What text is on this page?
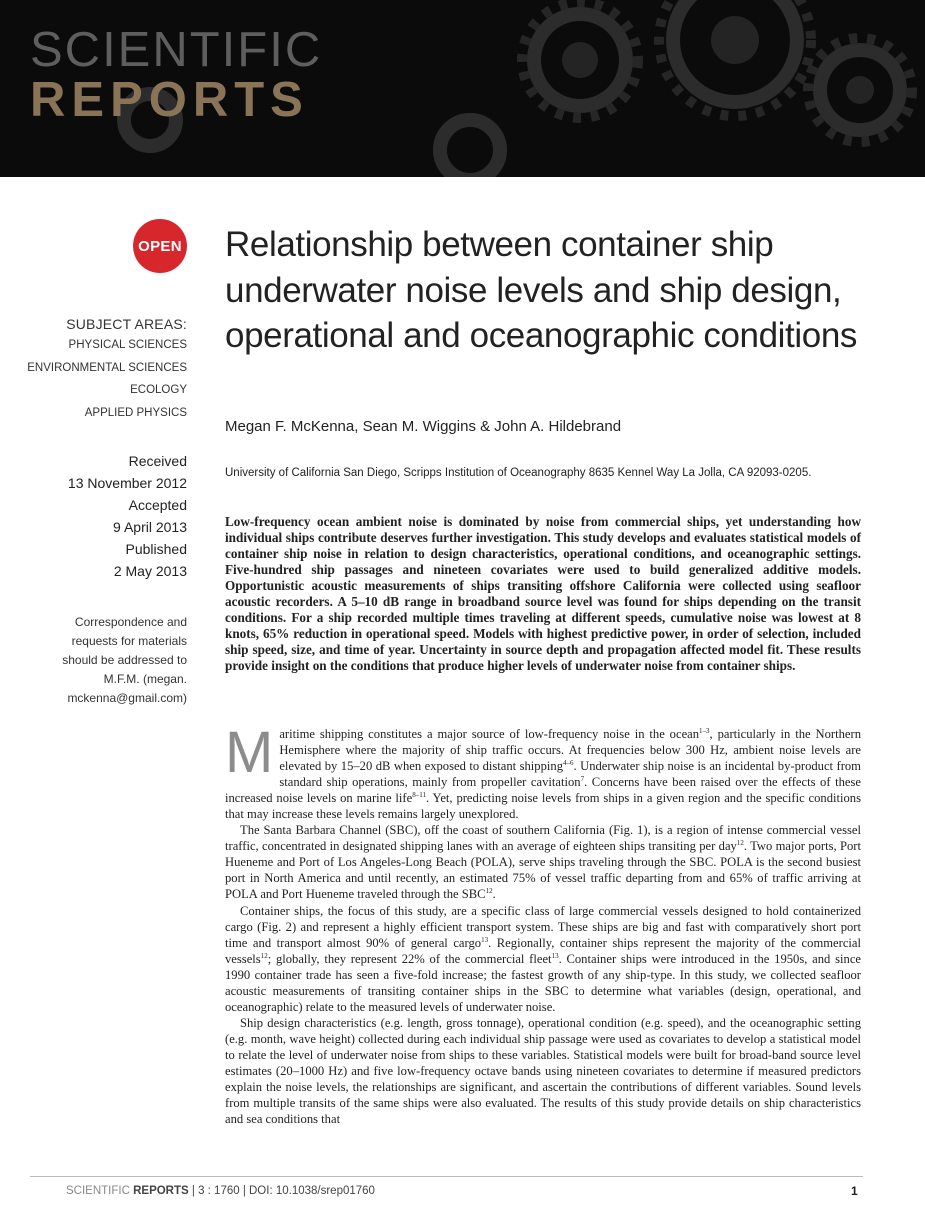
SCIENTIFIC
REPORTS
OPEN
SUBJECT AREAS:
PHYSICAL SCIENCES
ENVIRONMENTAL SCIENCES
ECOLOGY
APPLIED PHYSICS
Received
13 November 2012
Accepted
9 April 2013
Published
2 May 2013
Correspondence and
requests for materials
should be addressed to
M.F.M. (megan.
mckenna@gmail.com)
Relationship between container ship underwater noise levels and ship design, operational and oceanographic conditions
Megan F. McKenna, Sean M. Wiggins & John A. Hildebrand
University of California San Diego, Scripps Institution of Oceanography 8635 Kennel Way La Jolla, CA 92093-0205.
Low-frequency ocean ambient noise is dominated by noise from commercial ships, yet understanding how individual ships contribute deserves further investigation. This study develops and evaluates statistical models of container ship noise in relation to design characteristics, operational conditions, and oceanographic settings. Five-hundred ship passages and nineteen covariates were used to build generalized additive models. Opportunistic acoustic measurements of ships transiting offshore California were collected using seafloor acoustic recorders. A 5–10 dB range in broadband source level was found for ships depending on the transit conditions. For a ship recorded multiple times traveling at different speeds, cumulative noise was lowest at 8 knots, 65% reduction in operational speed. Models with highest predictive power, in order of selection, included ship speed, size, and time of year. Uncertainty in source depth and propagation affected model fit. These results provide insight on the conditions that produce higher levels of underwater noise from container ships.

Maritime shipping constitutes a major source of low-frequency noise in the ocean$^{1-3}$, particularly in the Northern Hemisphere where the majority of ship traffic occurs. At frequencies below 300 Hz, ambient noise levels are elevated by 15–20 dB when exposed to distant shipping$^{4-6}$. Underwater ship noise is an incidental by-product from standard ship operations, mainly from propeller cavitation$^7$. Concerns have been raised over the effects of these increased noise levels on marine life$^{8-11}$. Yet, predicting noise levels from ships in a given region and the specific conditions that may increase these levels remains largely unexplored.

The Santa Barbara Channel (SBC), off the coast of southern California (Fig. 1), is a region of intense commercial vessel traffic, concentrated in designated shipping lanes with an average of eighteen ships transiting per day$^{12}$. Two major ports, Port Hueneme and Port of Los Angeles-Long Beach (POLA), serve ships traveling through the SBC. POLA is the second busiest port in North America and until recently, an estimated 75% of vessel traffic departing from and 65% of traffic arriving at POLA and Port Hueneme traveled through the SBC$^{12}$.

Container ships, the focus of this study, are a specific class of large commercial vessels designed to hold containerized cargo (Fig. 2) and represent a highly efficient transport system. These ships are big and fast with comparatively short port time and transport almost 90% of general cargo$^{13}$. Regionally, container ships represent the majority of the commercial vessels$^{12}$; globally, they represent 22% of the commercial fleet$^{13}$. Container ships were introduced in the 1950s, and since 1990 container trade has seen a five-fold increase; the fastest growth of any ship-type. In this study, we collected seafloor acoustic measurements of transiting container ships in the SBC to determine what variables (design, operational, and oceanographic) relate to the measured levels of underwater noise.

Ship design characteristics (e.g. length, gross tonnage), operational condition (e.g. speed), and the oceanographic setting (e.g. month, wave height) collected during each individual ship passage were used as covariates to develop a statistical model to relate the level of underwater noise from ships to these variables. Statistical models were built for broad-band source level estimates (20–1000 Hz) and five low-frequency octave bands using nineteen covariates to determine if measured predictors explain the noise levels, the relationships are significant, and ascertain the contributions of different variables. Sound levels from multiple transits of the same ships were also evaluated. The results of this study provide details on ship characteristics and sea conditions that

SCIENTIFIC REPORTS | 3 : 1760 | DOI: 10.1038/srep01760	1
